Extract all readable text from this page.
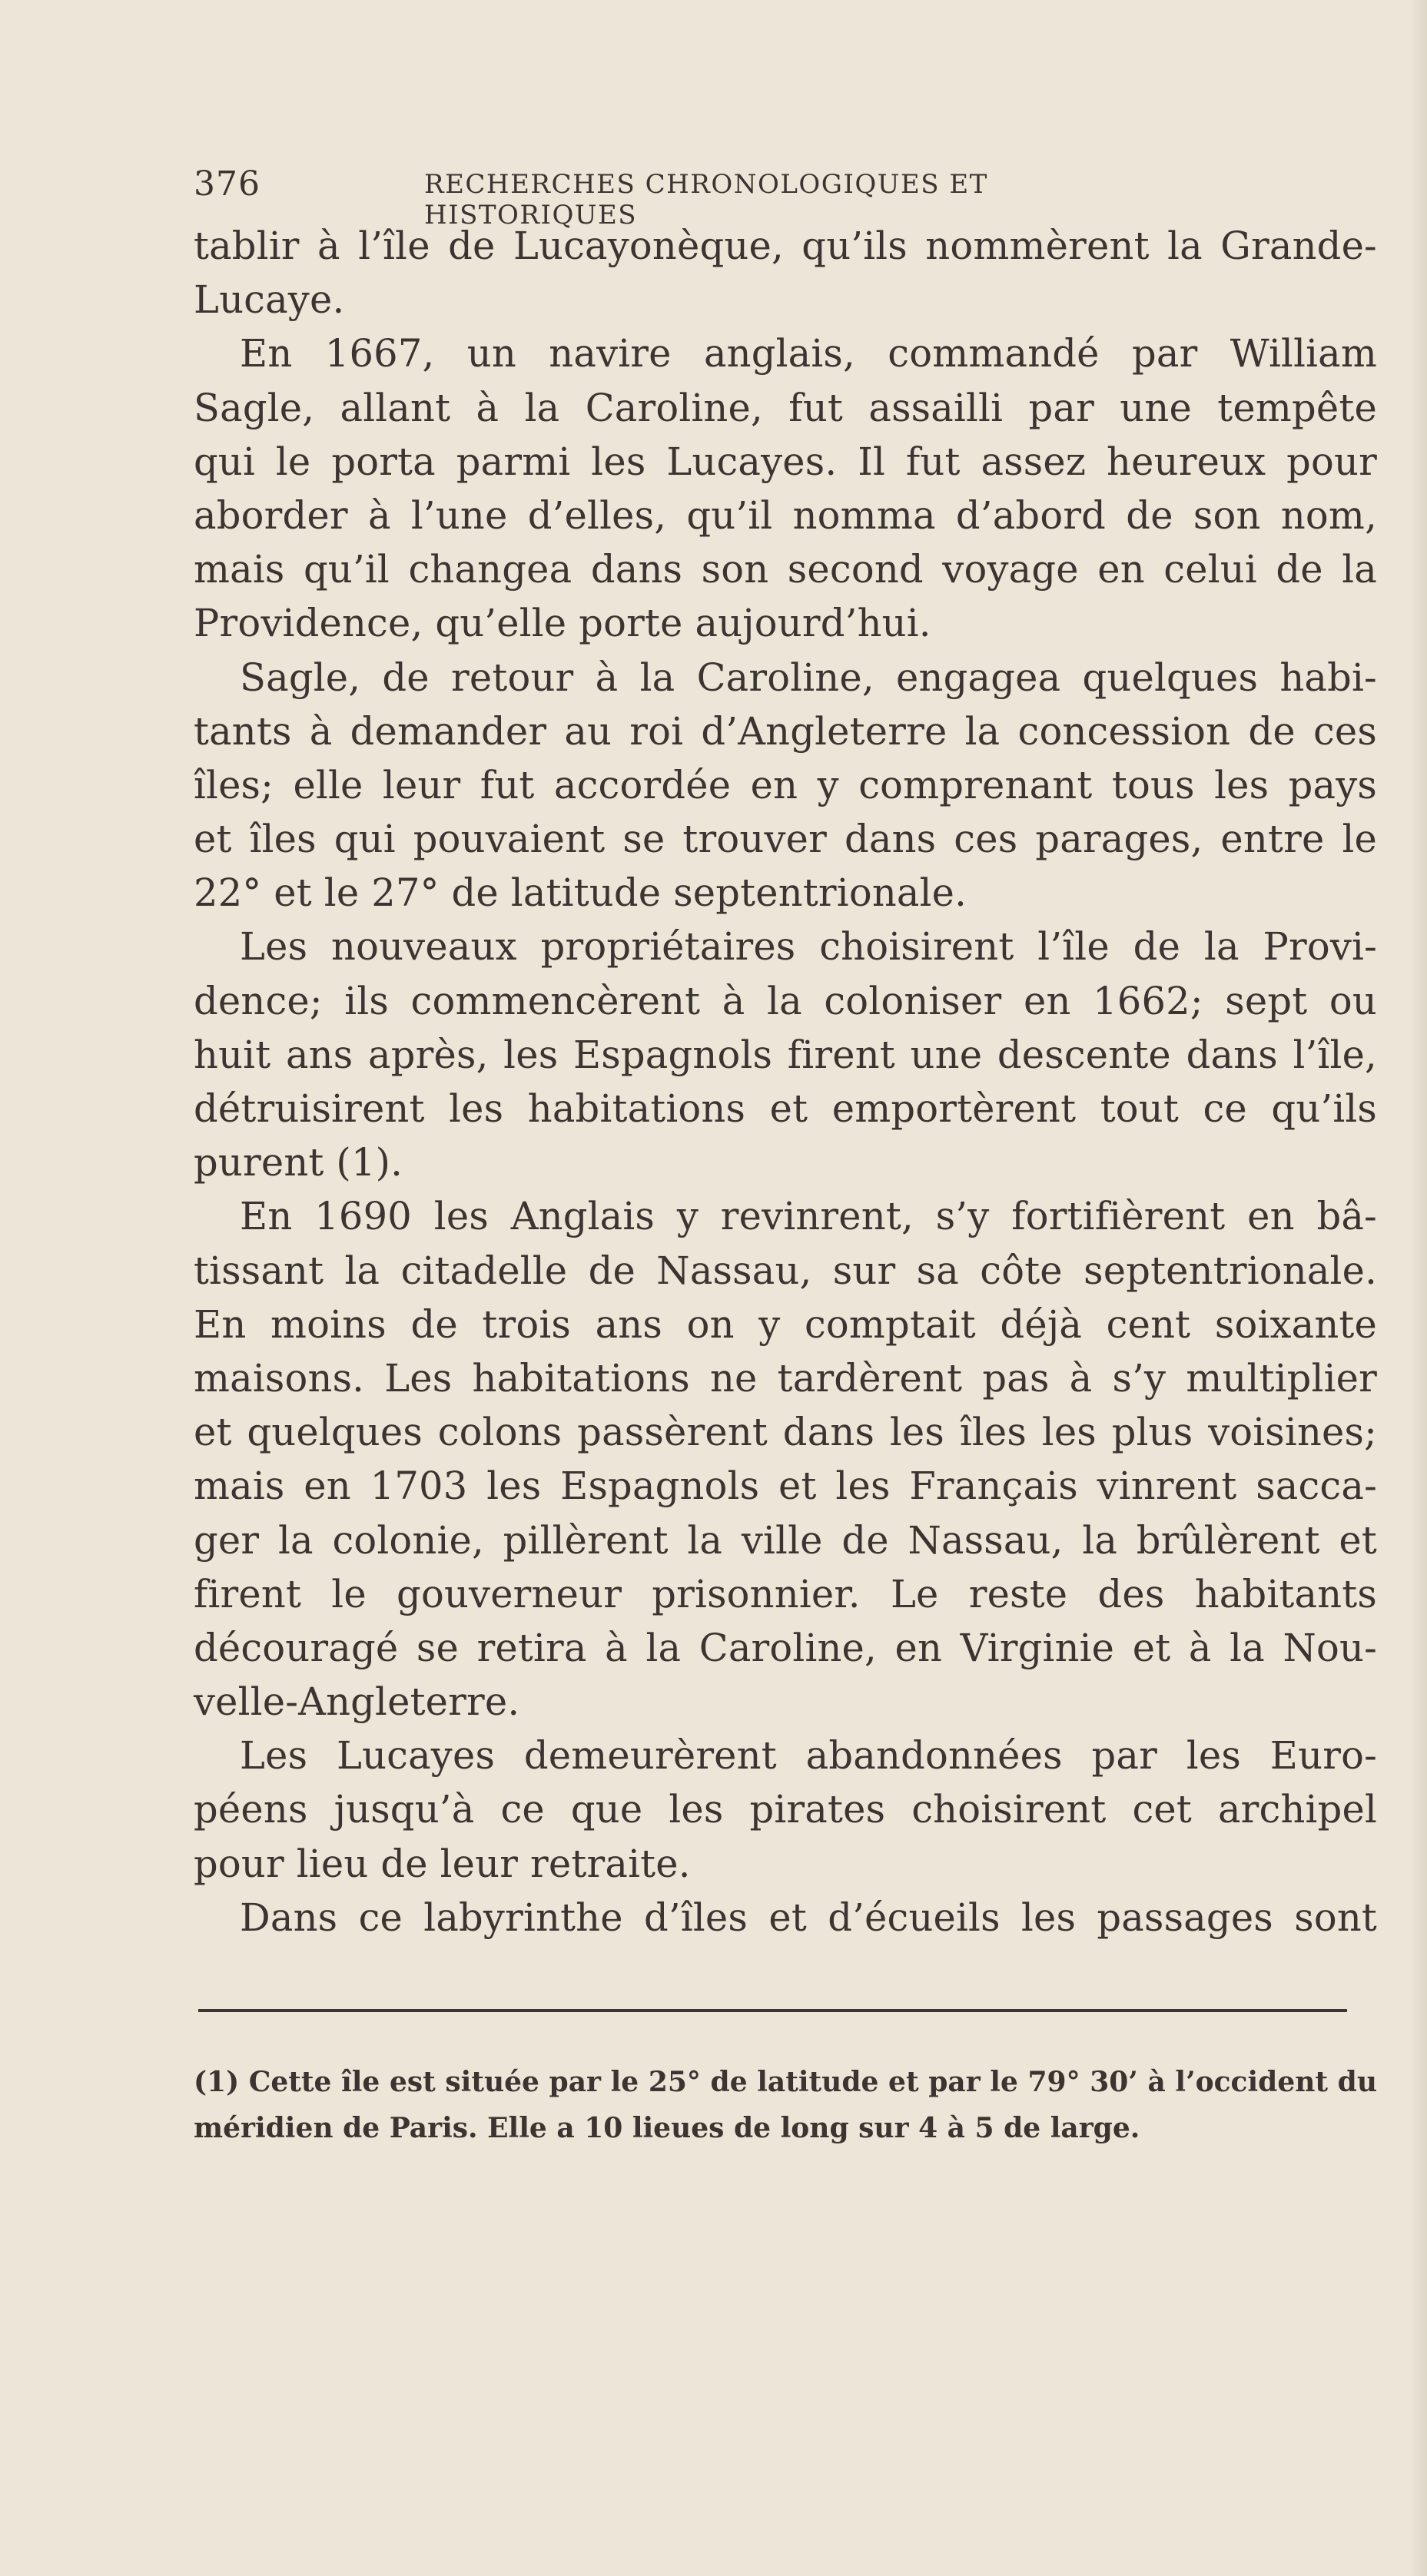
376	RECHERCHES CHRONOLOGIQUES ET HISTORIQUES
tablir à l’île de Lucayonèque, qu’ils nommèrent la Grande-
Lucaye.
En 1667, un navire anglais, commandé par William
Sagle, allant à la Caroline, fut assailli par une tempête
qui le porta parmi les Lucayes. Il fut assez heureux pour
aborder à l’une d’elles, qu’il nomma d’abord de son nom,
mais qu’il changea dans son second voyage en celui de la
Providence, qu’elle porte aujourd’hui.
Sagle, de retour à la Caroline, engagea quelques habi-
tants à demander au roi d’Angleterre la concession de ces
îles; elle leur fut accordée en y comprenant tous les pays
et îles qui pouvaient se trouver dans ces parages, entre le
22° et le 27° de latitude septentrionale.
Les nouveaux propriétaires choisirent l’île de la Provi-
dence; ils commencèrent à la coloniser en 1662; sept ou
huit ans après, les Espagnols firent une descente dans l’île,
détruisirent les habitations et emportèrent tout ce qu’ils
purent (1).
En 1690 les Anglais y revinrent, s’y fortifièrent en bâ-
tissant la citadelle de Nassau, sur sa côte septentrionale.
En moins de trois ans on y comptait déjà cent soixante
maisons. Les habitations ne tardèrent pas à s’y multiplier
et quelques colons passèrent dans les îles les plus voisines;
mais en 1703 les Espagnols et les Français vinrent sacca-
ger la colonie, pillèrent la ville de Nassau, la brûlèrent et
firent le gouverneur prisonnier. Le reste des habitants
découragé se retira à la Caroline, en Virginie et à la Nou-
velle-Angleterre.
Les Lucayes demeurèrent abandonnées par les Euro-
péens jusqu’à ce que les pirates choisirent cet archipel
pour lieu de leur retraite.
Dans ce labyrinthe d’îles et d’écueils les passages sont
(1) Cette île est située par le 25° de latitude et par le 79° 30’ à l’occident du
méridien de Paris. Elle a 10 lieues de long sur 4 à 5 de large.
